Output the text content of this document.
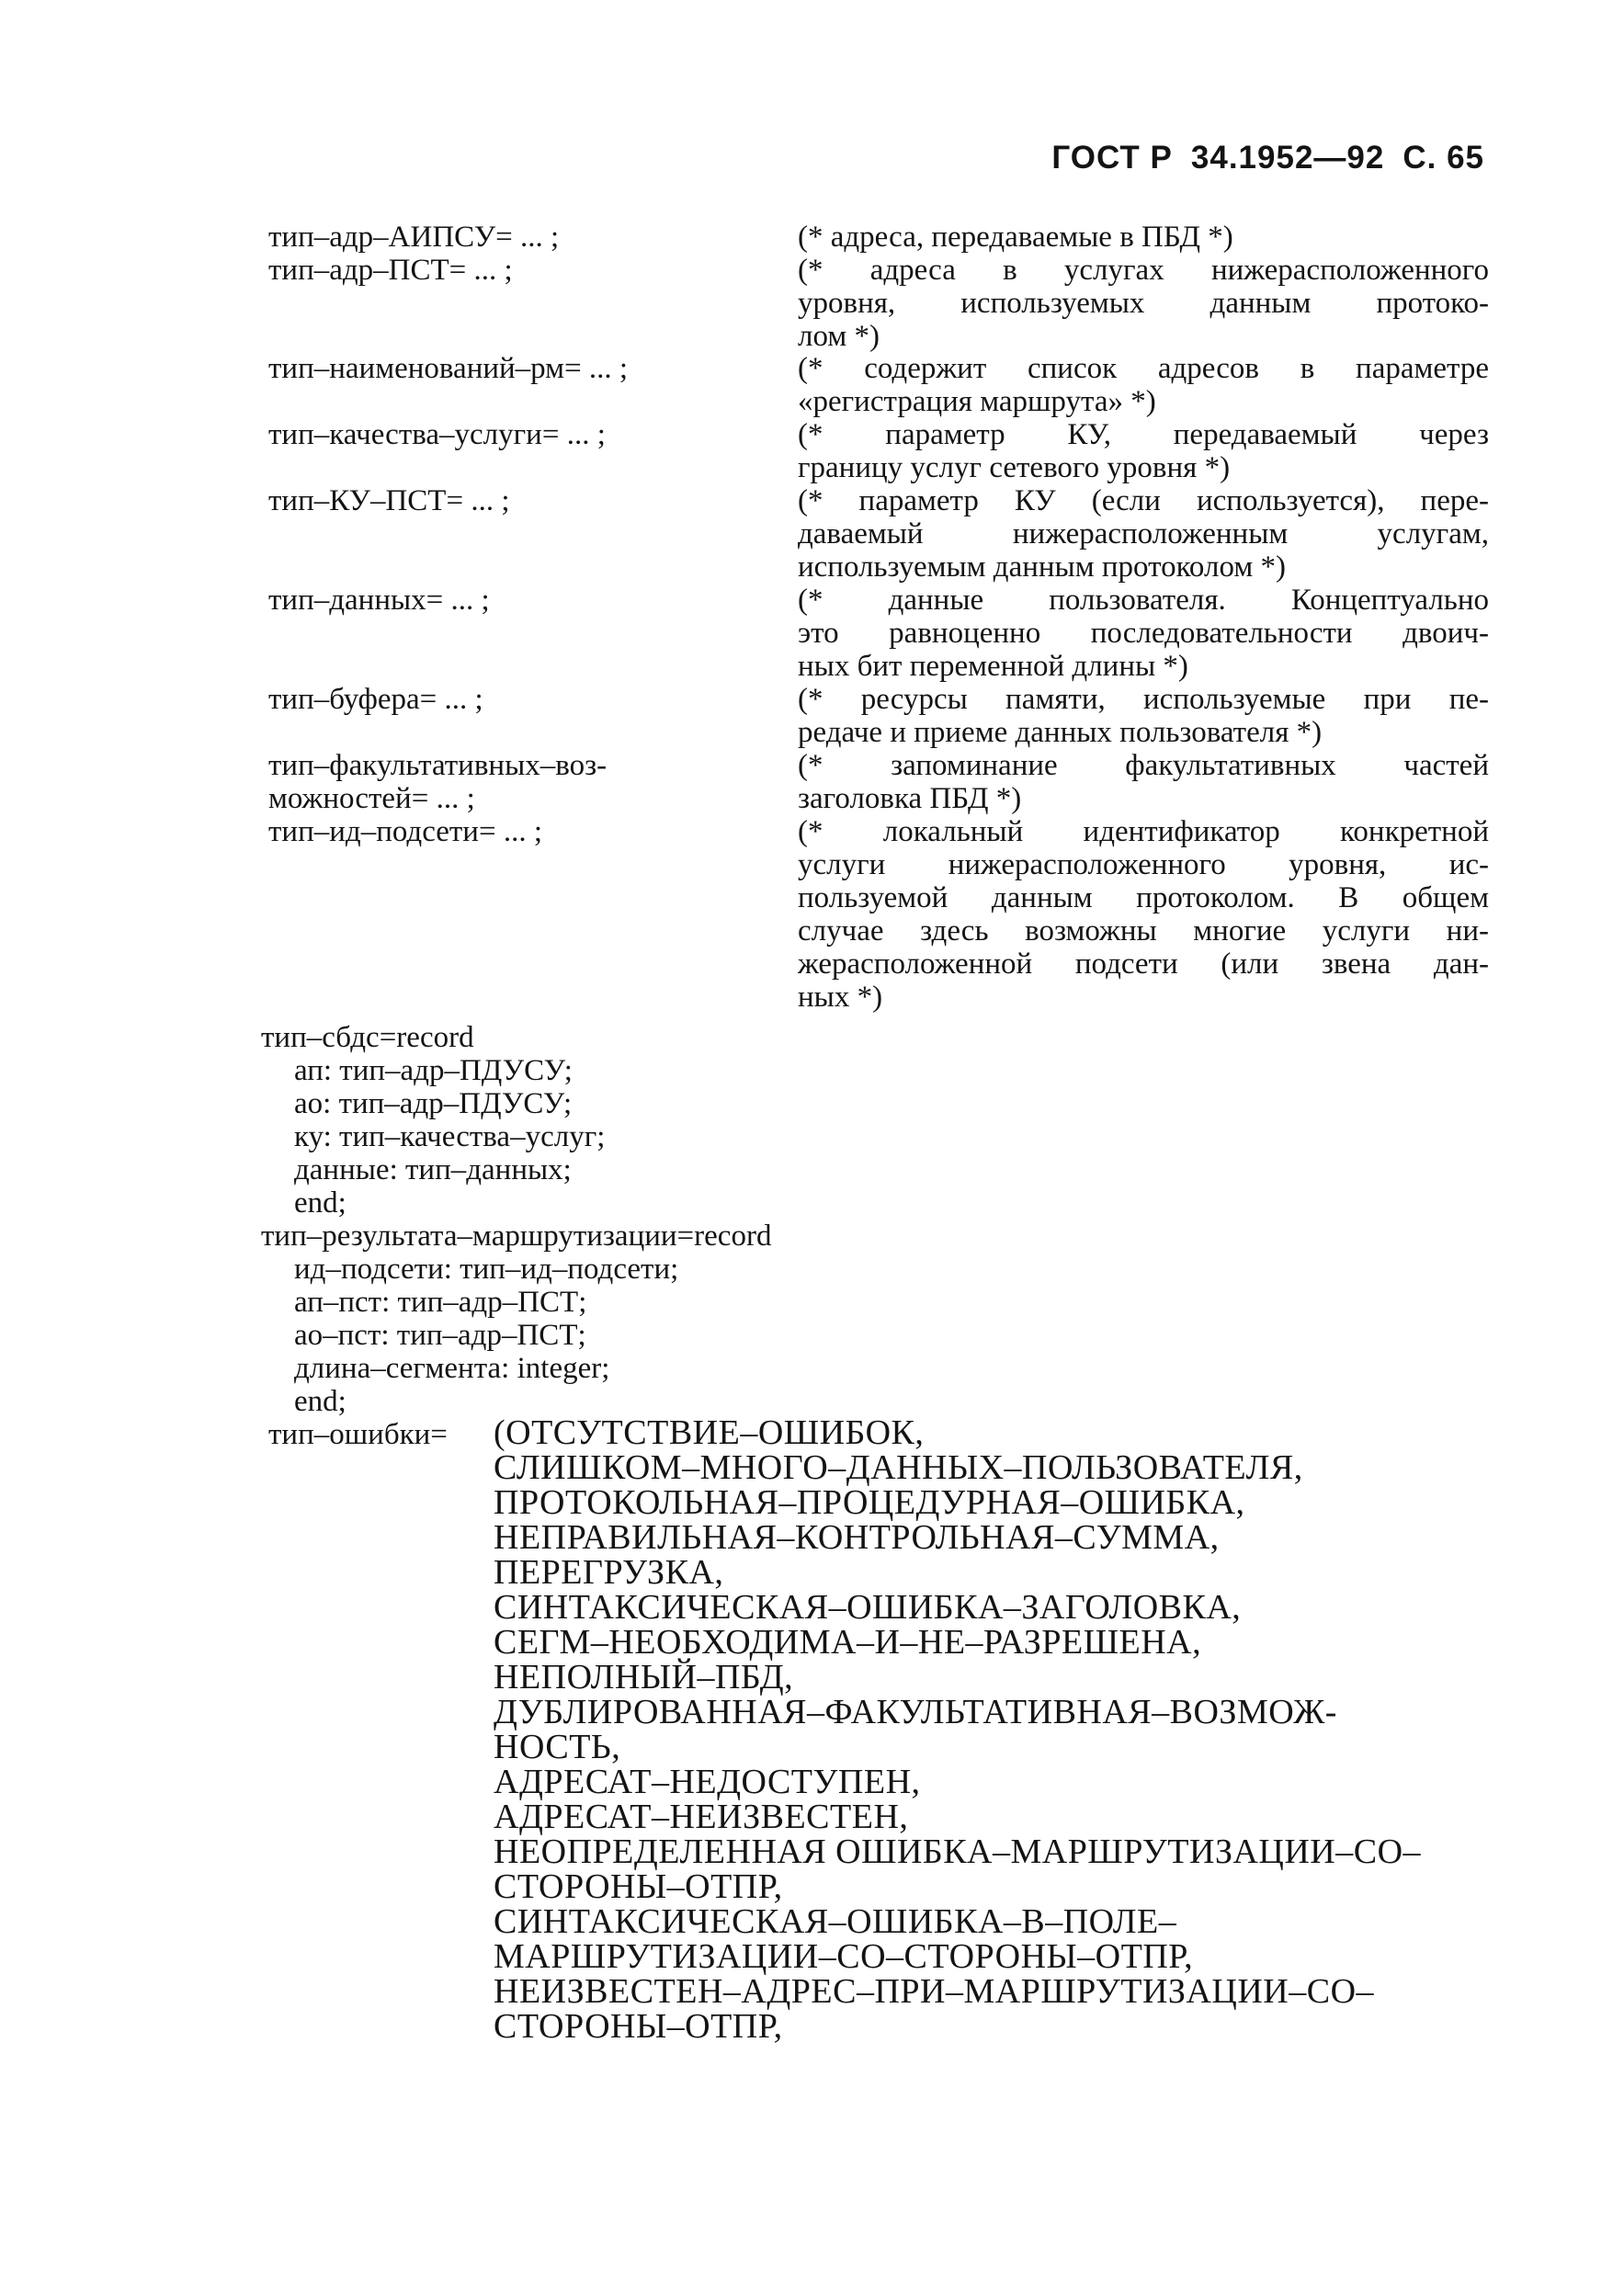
ГОСТ Р 34.1952—92 С. 65
тип–адр–АИПСУ= ... ;
тип–адр–ПСТ= ... ;
тип–наименований–рм= ... ;
тип–качества–услуги= ... ;
тип–КУ–ПСТ= ... ;
тип–данных= ... ;
тип–буфера= ... ;
тип–факультативных–воз-
можностей= ... ;
тип–ид–подсети= ... ;
(* адреса, передаваемые в ПБД *)
(* адреса в услугах нижерасположенного
уровня, используемых данным протоко-
лом *)
(* содержит список адресов в параметре
«регистрация маршрута» *)
(* параметр КУ, передаваемый через
границу услуг сетевого уровня *)
(* параметр КУ (если используется), пере-
даваемый нижерасположенным услугам,
используемым данным протоколом *)
(* данные пользователя. Концептуально
это равноценно последовательности двоич-
ных бит переменной длины *)
(* ресурсы памяти, используемые при пе-
редаче и приеме данных пользователя *)
(* запоминание факультативных частей
заголовка ПБД *)
(* локальный идентификатор конкретной
услуги нижерасположенного уровня, ис-
пользуемой данным протоколом. В общем
случае здесь возможны многие услуги ни-
жерасположенной подсети (или звена дан-
ных *)
тип–сбдс=record
ап: тип–адр–ПДУСУ;
ао: тип–адр–ПДУСУ;
ку: тип–качества–услуг;
данные: тип–данных;
end;
тип–результата–маршрутизации=record
ид–подсети: тип–ид–подсети;
ап–пст: тип–адр–ПСТ;
ао–пст: тип–адр–ПСТ;
длина–сегмента: integer;
end;
тип–ошибки= (ОТСУТСТВИЕ–ОШИБОК,
СЛИШКОМ–МНОГО–ДАННЫХ–ПОЛЬЗОВАТЕЛЯ,
ПРОТОКОЛЬНАЯ–ПРОЦЕДУРНАЯ–ОШИБКА,
НЕПРАВИЛЬНАЯ–КОНТРОЛЬНАЯ–СУММА,
ПЕРЕГРУЗКА,
СИНТАКСИЧЕСКАЯ–ОШИБКА–ЗАГОЛОВКА,
СЕГМ–НЕОБХОДИМА–И–НЕ–РАЗРЕШЕНА,
НЕПОЛНЫЙ–ПБД,
ДУБЛИРОВАННАЯ–ФАКУЛЬТАТИВНАЯ–ВОЗМОЖ-
НОСТЬ,
АДРЕСАТ–НЕДОСТУПЕН,
АДРЕСАТ–НЕИЗВЕСТЕН,
НЕОПРЕДЕЛЕННАЯ ОШИБКА–МАРШРУТИЗАЦИИ–СО–
СТОРОНЫ–ОТПР,
СИНТАКСИЧЕСКАЯ–ОШИБКА–В–ПОЛЕ–
МАРШРУТИЗАЦИИ–СО–СТОРОНЫ–ОТПР,
НЕИЗВЕСТЕН–АДРЕС–ПРИ–МАРШРУТИЗАЦИИ–СО–
СТОРОНЫ–ОТПР,
